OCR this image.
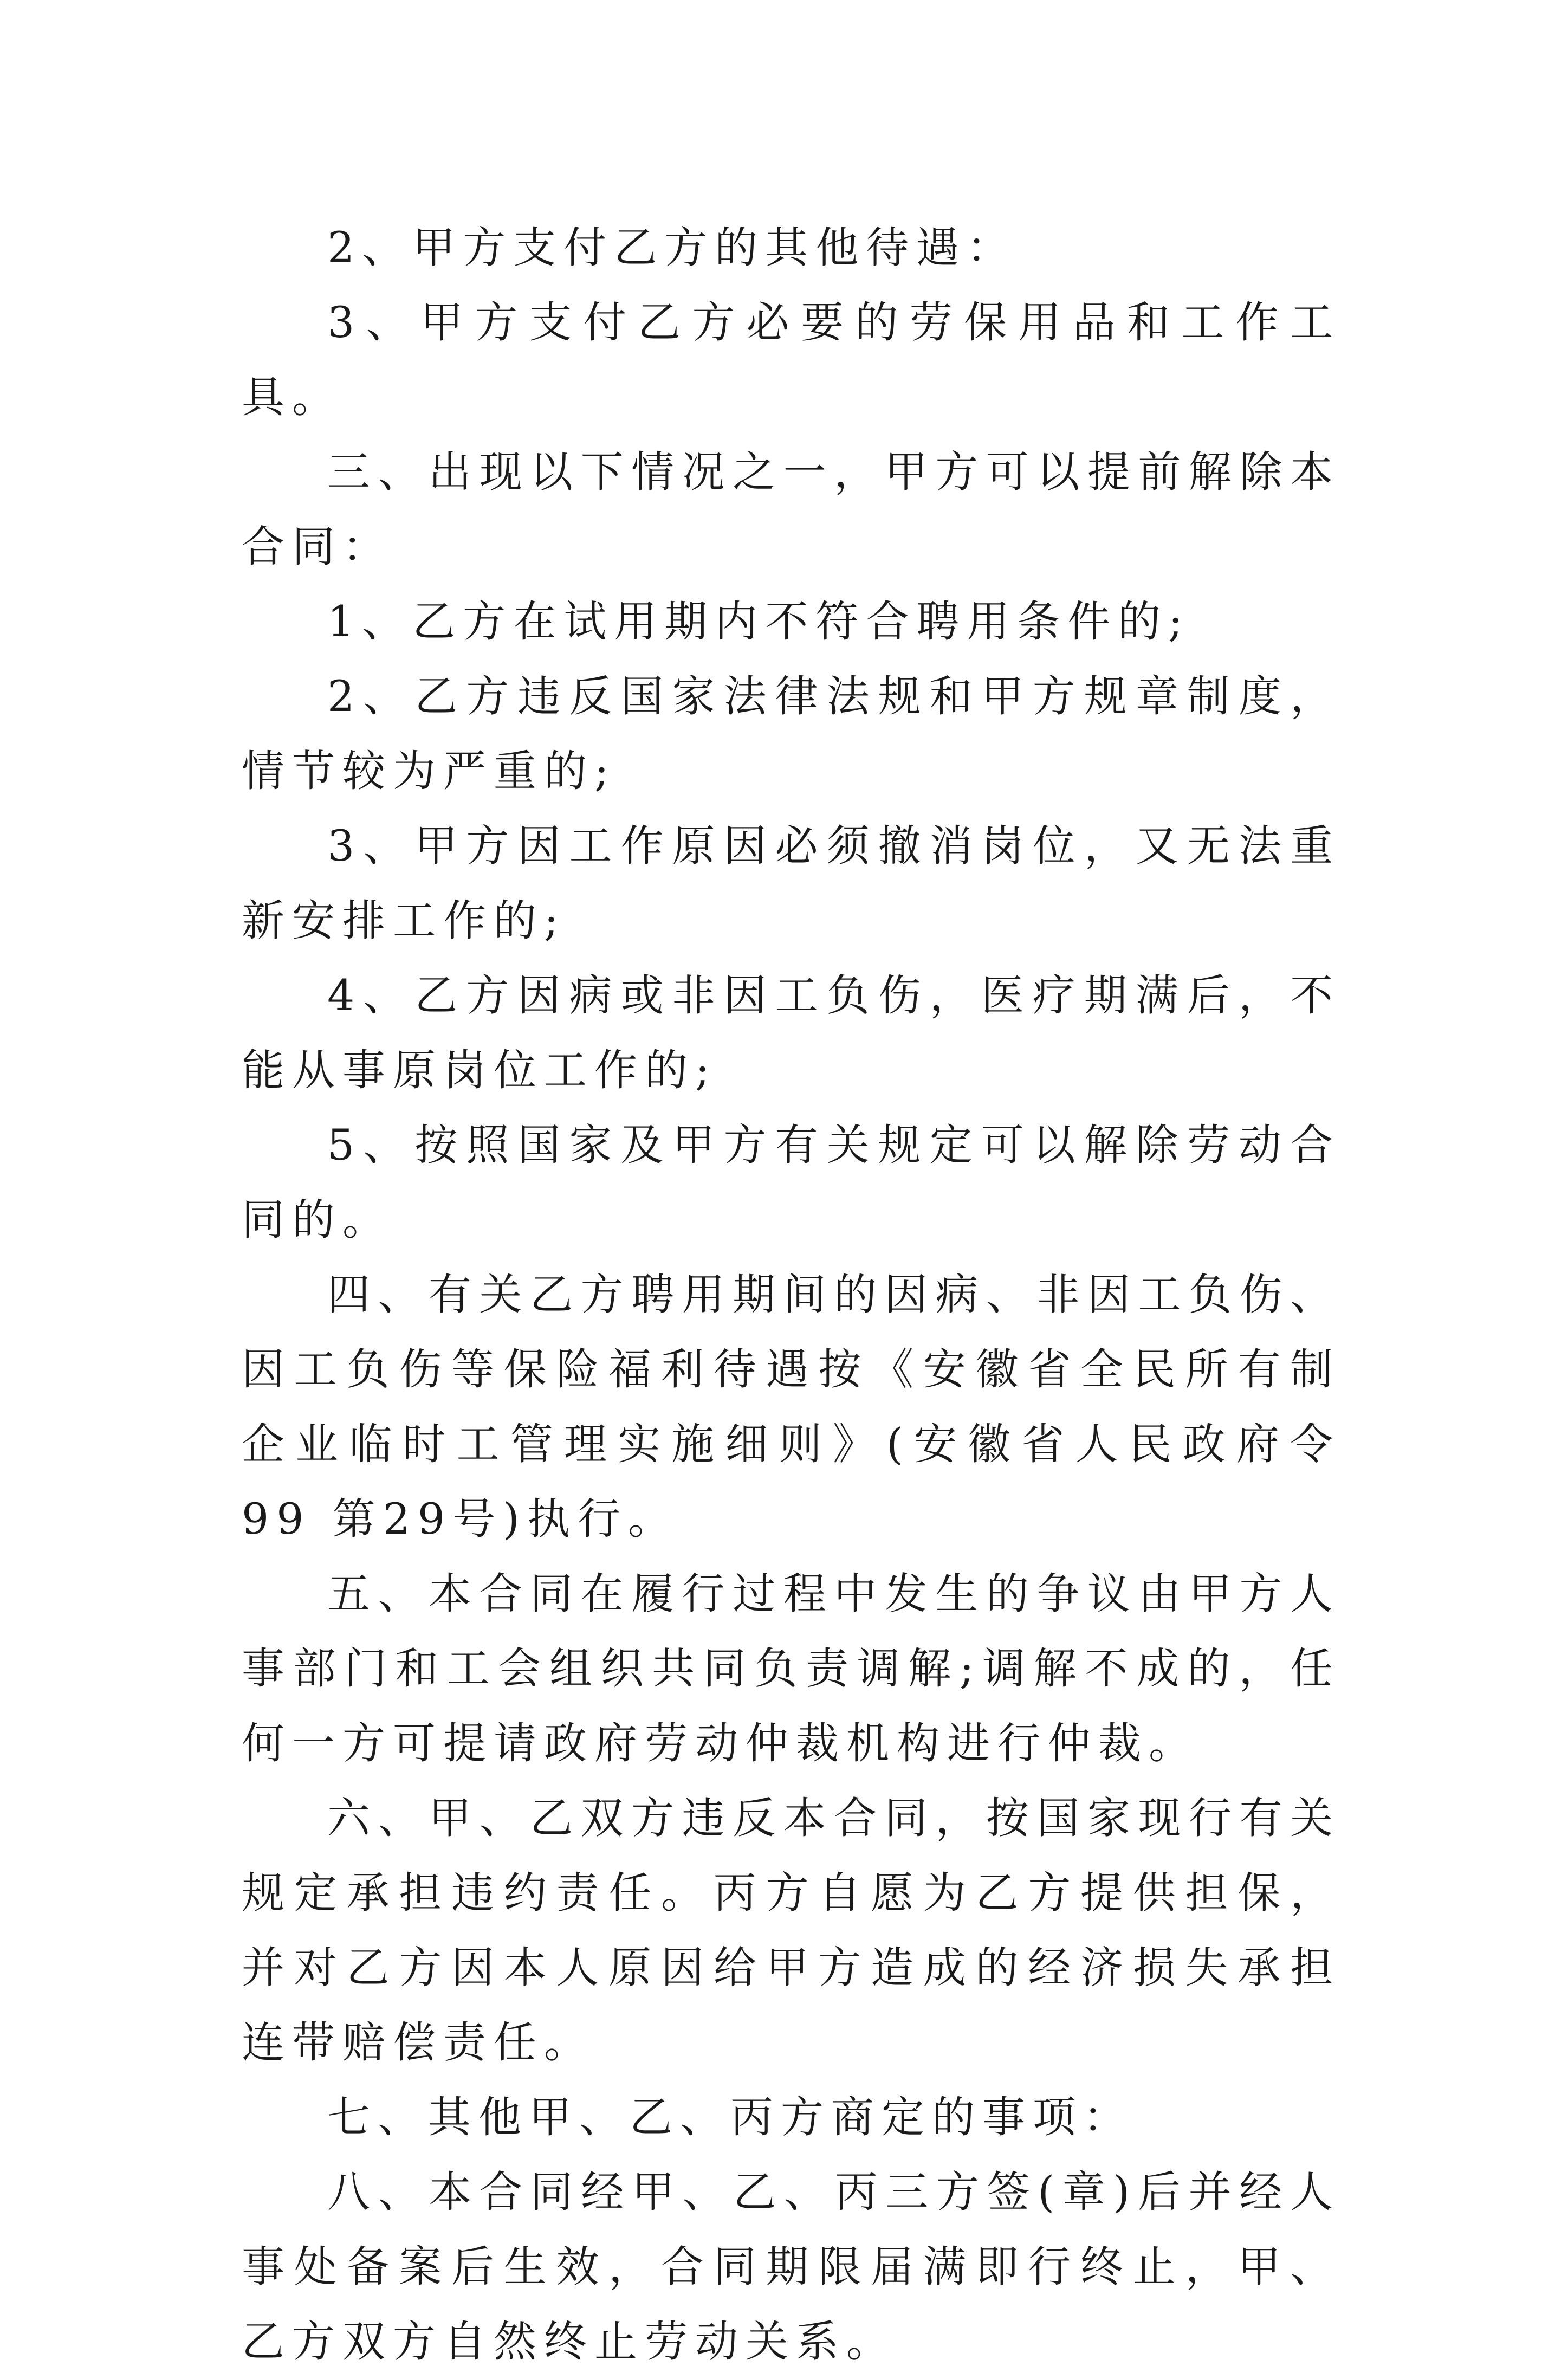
2、甲方支付乙方的其他待遇：

3、甲方支付乙方必要的劳保用品和工作工具。

三、出现以下情况之一，甲方可以提前解除本合同：

1、乙方在试用期内不符合聘用条件的;

2、乙方违反国家法律法规和甲方规章制度，情节较为严重的;

3、甲方因工作原因必须撤消岗位，又无法重新安排工作的;

4、乙方因病或非因工负伤，医疗期满后，不能从事原岗位工作的;

5、按照国家及甲方有关规定可以解除劳动合同的。

四、有关乙方聘用期间的因病、非因工负伤、因工负伤等保险福利待遇按《安徽省全民所有制企业临时工管理实施细则》(安徽省人民政府令 99 第29号)执行。

五、本合同在履行过程中发生的争议由甲方人事部门和工会组织共同负责调解;调解不成的，任何一方可提请政府劳动仲裁机构进行仲裁。

六、甲、乙双方违反本合同，按国家现行有关规定承担违约责任。丙方自愿为乙方提供担保，并对乙方因本人原因给甲方造成的经济损失承担连带赔偿责任。

七、其他甲、乙、丙方商定的事项：

八、本合同经甲、乙、丙三方签(章)后并经人事处备案后生效，合同期限届满即行终止，甲、乙方双方自然终止劳动关系。
